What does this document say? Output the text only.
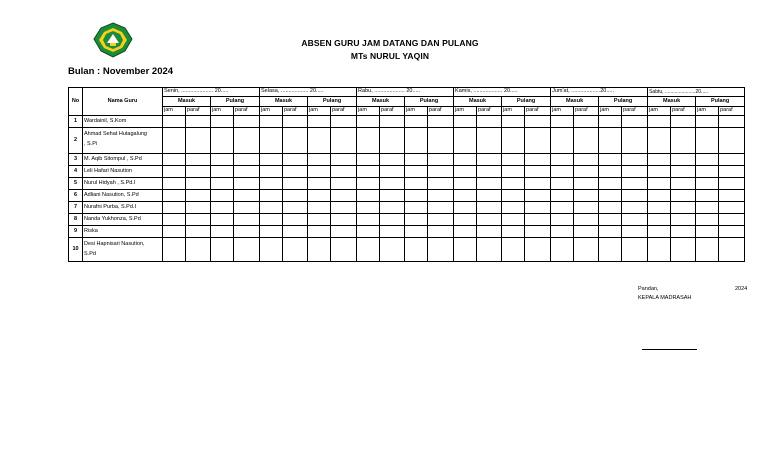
ABSEN GURU JAM DATANG DAN PULANG
MTs NURUL YAQIN
Bulan : November 2024
No	Nama Guru	Senin, ..................... 20.....				Selasa, .................. 20.....				Rabu, .................... 20.....				Kamis, ................... 20.....				Jum'at, ...................20.....				Sabtu, ......................20.....			
		Masuk		Pulang		Masuk		Pulang		Masuk		Pulang		Masuk		Pulang		Masuk		Pulang		Masuk		Pulang	
		jam	paraf	jam	paraf	jam	paraf	jam	paraf	jam	paraf	jam	paraf	jam	paraf	jam	paraf	jam	paraf	jam	paraf	jam	paraf	jam	paraf
1	Wardainil, S.Kom																								
2	Ahmad Sehat Hutagalung
, S.Pi																								
3	M. Aqib Sitompul , S.Pd																								
4	Leli Hafari Nasution																								
5	Nurul Hidyah , S.Pd.I																								
6	Adliani Nasution, S.Pd																								
7	Nurafni Purba, S.Pd.I																								
8	Nanda Yukhonza, S.Pd																								
9	Riska																								
10	Desi Hapnisari Nasution,
S.Pd																								
Pandan,	2024
KEPALA MADRASAH
